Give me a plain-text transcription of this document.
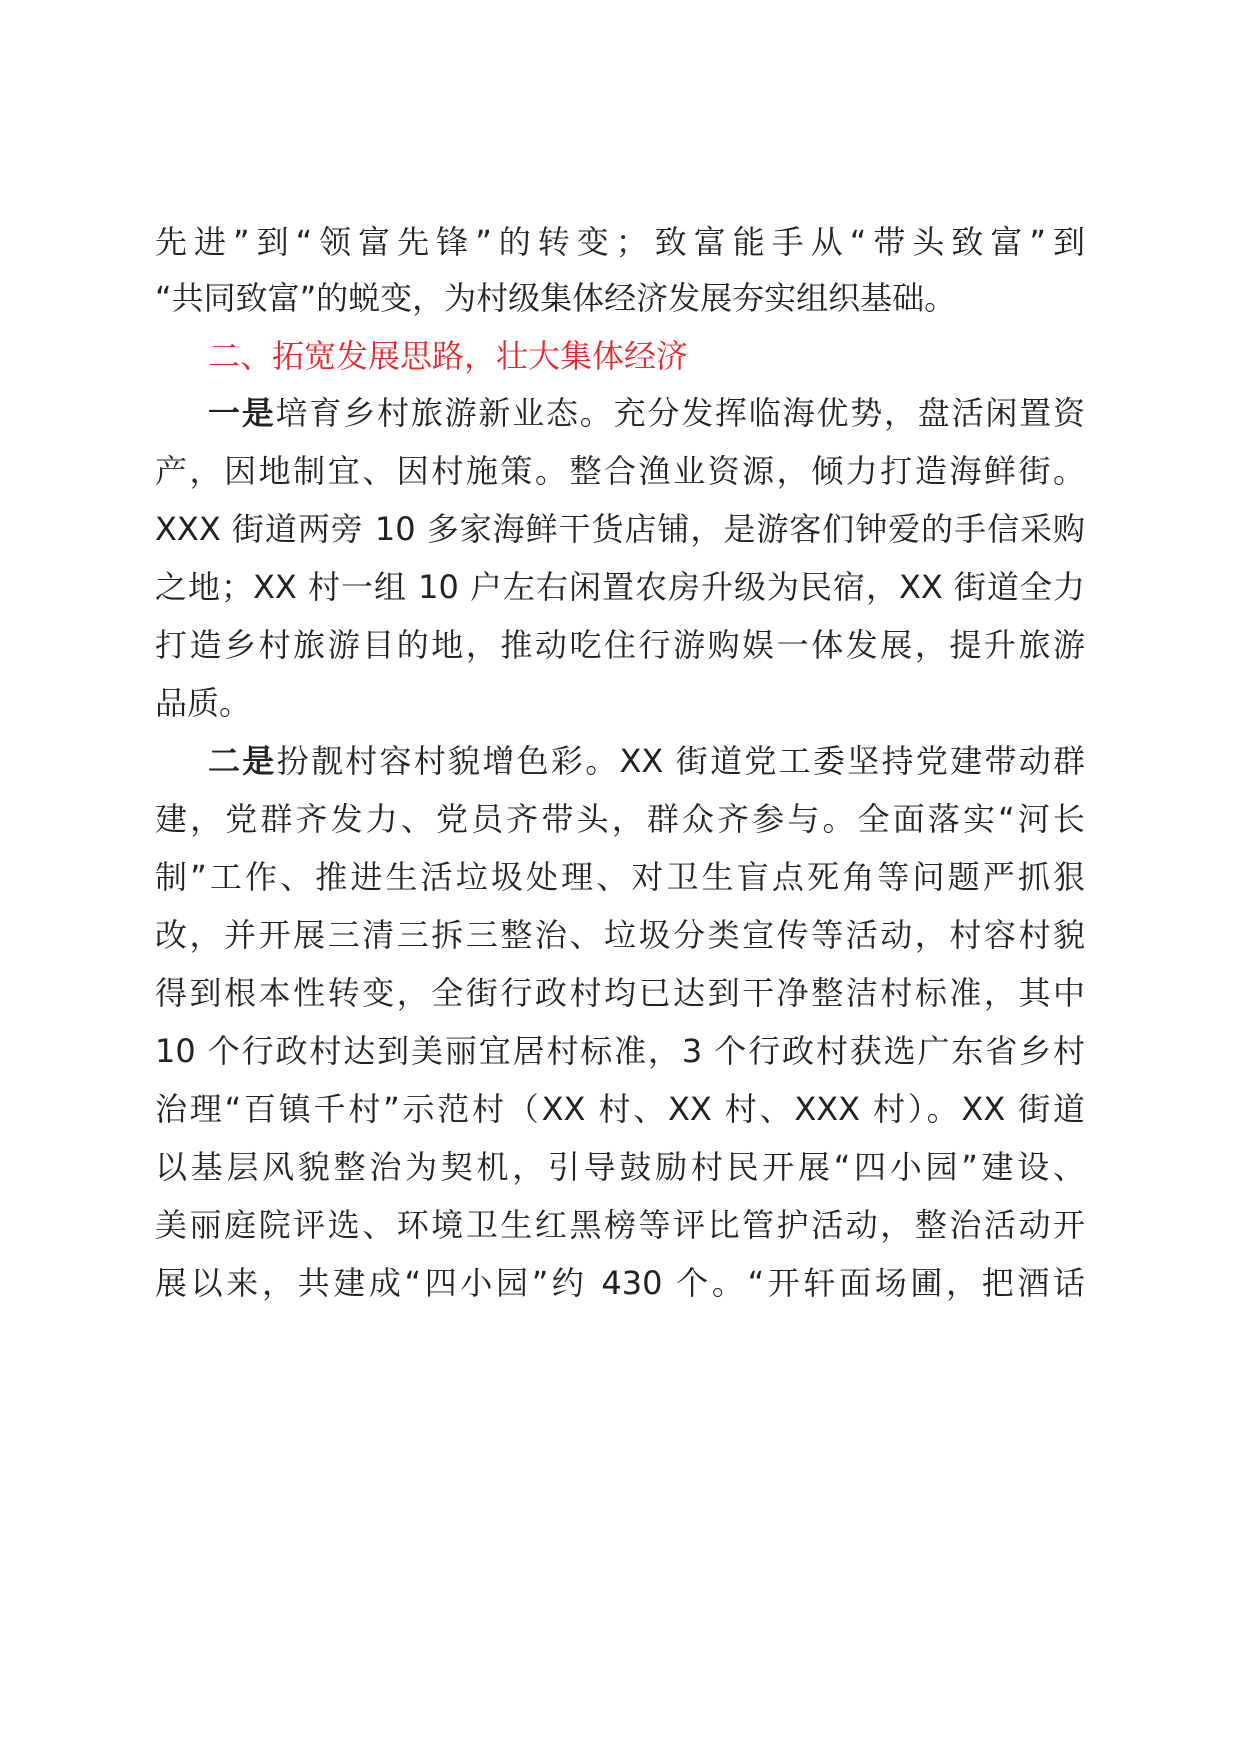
先进”到“领富先锋”的转变；致富能手从“带头致富”到
“共同致富”的蜕变，为村级集体经济发展夯实组织基础。
二、拓宽发展思路，壮大集体经济
一是培育乡村旅游新业态。充分发挥临海优势，盘活闲置资
产，因地制宜、因村施策。整合渔业资源，倾力打造海鲜街。
XXX 街道两旁 10 多家海鲜干货店铺，是游客们钟爱的手信采购
之地；XX 村一组 10 户左右闲置农房升级为民宿，XX 街道全力
打造乡村旅游目的地，推动吃住行游购娱一体发展，提升旅游
品质。
二是扮靓村容村貌增色彩。XX 街道党工委坚持党建带动群
建，党群齐发力、党员齐带头，群众齐参与。全面落实“河长
制”工作、推进生活垃圾处理、对卫生盲点死角等问题严抓狠
改，并开展三清三拆三整治、垃圾分类宣传等活动，村容村貌
得到根本性转变，全街行政村均已达到干净整洁村标准，其中
10 个行政村达到美丽宜居村标准，3 个行政村获选广东省乡村
治理“百镇千村”示范村（XX 村、XX 村、XXX 村）。XX 街道
以基层风貌整治为契机，引导鼓励村民开展“四小园”建设、
美丽庭院评选、环境卫生红黑榜等评比管护活动，整治活动开
展以来，共建成“四小园”约 430 个。“开轩面场圃，把酒话
